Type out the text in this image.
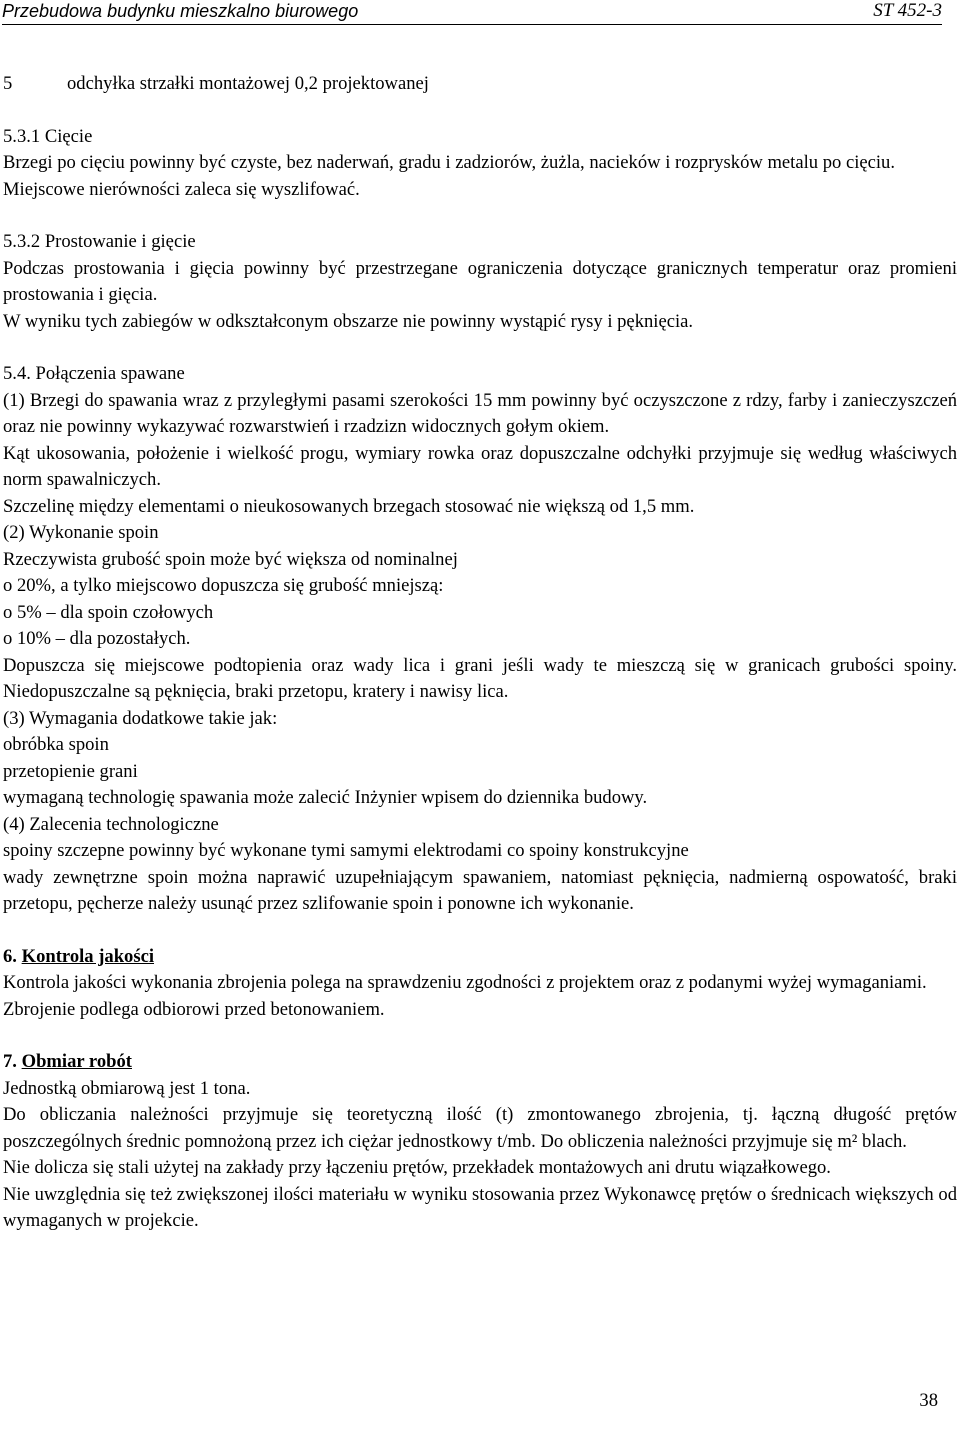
Przebudowa budynku mieszkalno biurowego	ST 452-3

5	odchyłka strzałki montażowej 0,2 projektowanej

5.3.1 Cięcie

Brzegi po cięciu powinny być czyste, bez naderwań, gradu i zadziorów, żużla, nacieków i rozprysków metalu po cięciu.

Miejscowe nierówności zaleca się wyszlifować.

5.3.2 Prostowanie i gięcie

Podczas prostowania i gięcia powinny być przestrzegane ograniczenia dotyczące granicznych temperatur oraz promieni prostowania i gięcia.

W wyniku tych zabiegów w odkształconym obszarze nie powinny wystąpić rysy i pęknięcia.

5.4. Połączenia spawane

(1) Brzegi do spawania wraz z przyległymi pasami szerokości 15 mm powinny być oczyszczone z rdzy, farby i zanieczyszczeń oraz nie powinny wykazywać rozwarstwień i rzadzizn widocznych gołym okiem.

Kąt ukosowania, położenie i wielkość progu, wymiary rowka oraz dopuszczalne odchyłki przyjmuje się według właściwych norm spawalniczych.

Szczelinę między elementami o nieukosowanych brzegach stosować nie większą od 1,5 mm.

(2) Wykonanie spoin

Rzeczywista grubość spoin może być większa od nominalnej

o 20%, a tylko miejscowo dopuszcza się grubość mniejszą:

o 5% – dla spoin czołowych

o 10% – dla pozostałych.

Dopuszcza się miejscowe podtopienia oraz wady lica i grani jeśli wady te mieszczą się w granicach grubości spoiny. Niedopuszczalne są pęknięcia, braki przetopu, kratery i nawisy lica.

(3) Wymagania dodatkowe takie jak:

obróbka spoin

przetopienie grani

wymaganą technologię spawania może zalecić Inżynier wpisem do dziennika budowy.

(4) Zalecenia technologiczne

spoiny szczepne powinny być wykonane tymi samymi elektrodami co spoiny konstrukcyjne

wady zewnętrzne spoin można naprawić uzupełniającym spawaniem, natomiast pęknięcia, nadmierną ospowatość, braki przetopu, pęcherze należy usunąć przez szlifowanie spoin i ponowne ich wykonanie.

6. Kontrola jakości

Kontrola jakości wykonania zbrojenia polega na sprawdzeniu zgodności z projektem oraz z podanymi wyżej wymaganiami.

Zbrojenie podlega odbiorowi przed betonowaniem.

7. Obmiar robót

Jednostką obmiarową jest 1 tona.

Do obliczania należności przyjmuje się teoretyczną ilość (t) zmontowanego zbrojenia, tj. łączną długość prętów poszczególnych średnic pomnożoną przez ich ciężar jednostkowy t/mb. Do obliczenia należności przyjmuje się m² blach.

Nie dolicza się stali użytej na zakłady przy łączeniu prętów, przekładek montażowych ani drutu wiązałkowego.

Nie uwzględnia się też zwiększonej ilości materiału w wyniku stosowania przez Wykonawcę prętów o średnicach większych od wymaganych w projekcie.

38
